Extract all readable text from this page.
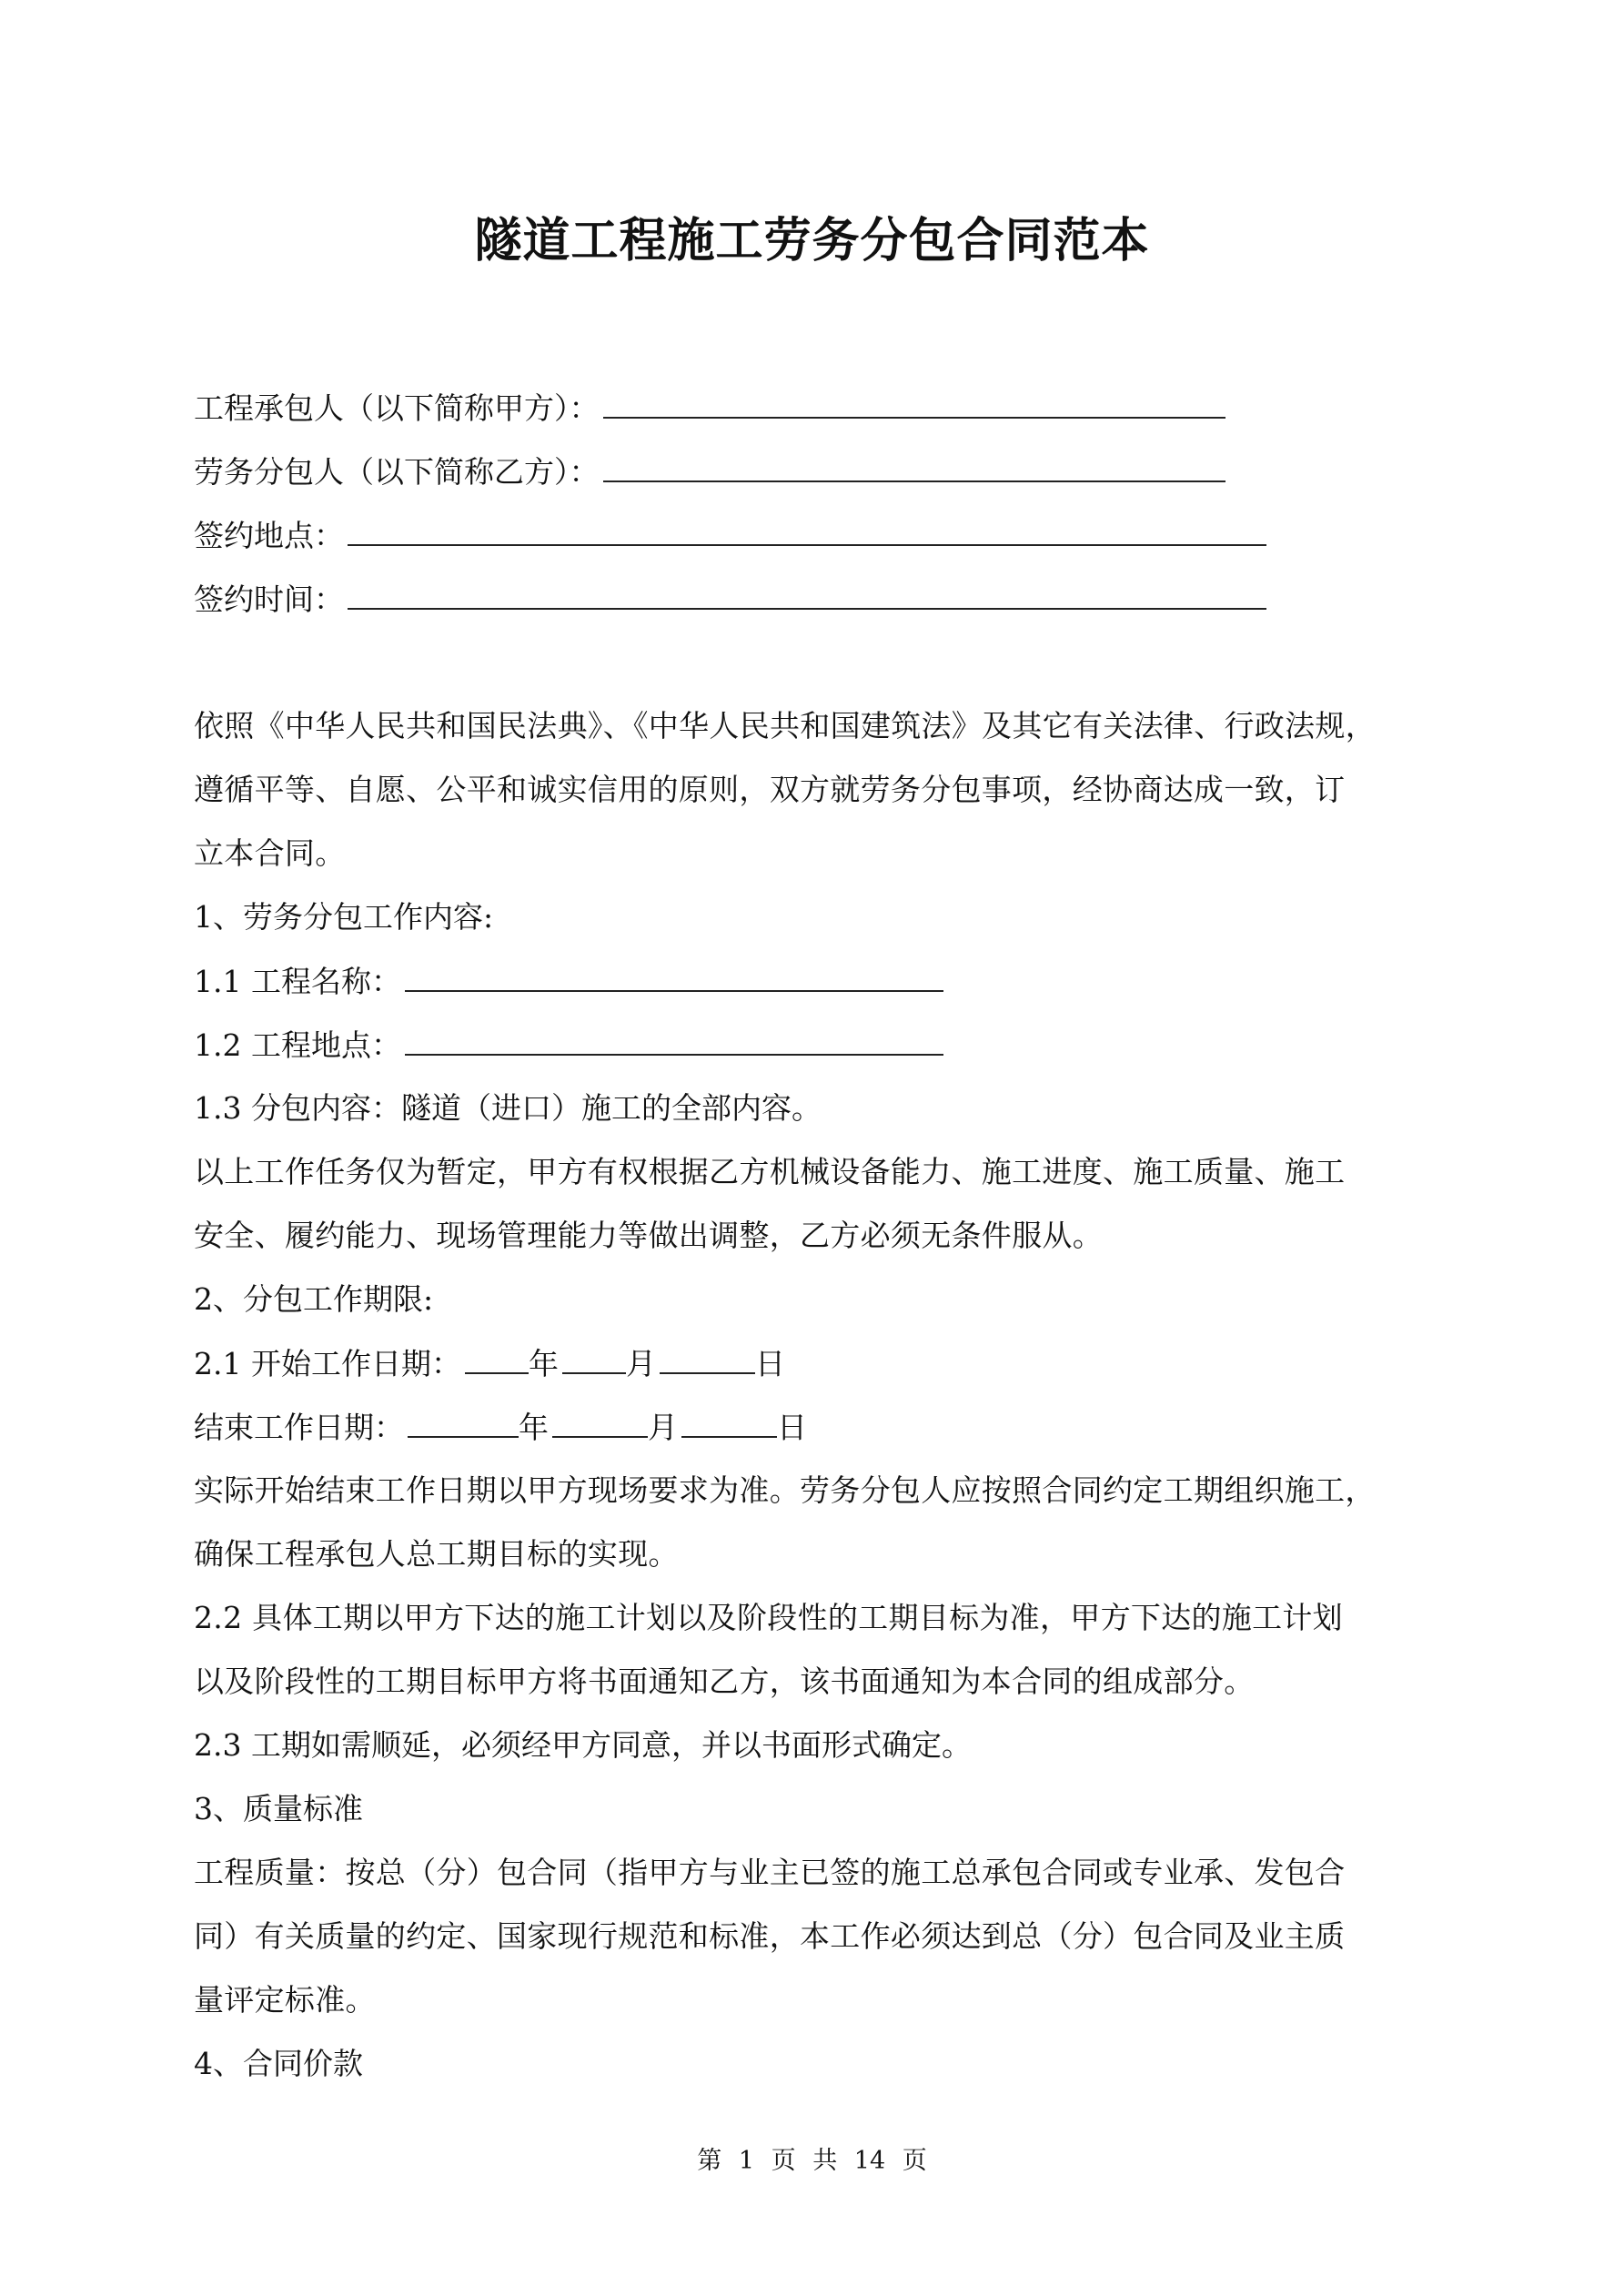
隧道工程施工劳务分包合同范本
工程承包人（以下简称甲方）：
劳务分包人（以下简称乙方）：
签约地点：
签约时间：
依照《中华人民共和国民法典》、《中华人民共和国建筑法》及其它有关法律、行政法规，
遵循平等、自愿、公平和诚实信用的原则，双方就劳务分包事项，经协商达成一致，订
立本合同。
1、劳务分包工作内容:
1.1 工程名称：
1.2 工程地点：
1.3 分包内容：隧道（进口）施工的全部内容。
以上工作任务仅为暂定，甲方有权根据乙方机械设备能力、施工进度、施工质量、施工
安全、履约能力、现场管理能力等做出调整，乙方必须无条件服从。
2、分包工作期限:
2.1 开始工作日期： 年 月	日
结束工作日期：	年	月	日
实际开始结束工作日期以甲方现场要求为准。劳务分包人应按照合同约定工期组织施工，
确保工程承包人总工期目标的实现。
2.2 具体工期以甲方下达的施工计划以及阶段性的工期目标为准，甲方下达的施工计划
以及阶段性的工期目标甲方将书面通知乙方，该书面通知为本合同的组成部分。
2.3 工期如需顺延，必须经甲方同意，并以书面形式确定。
3、质量标准
工程质量：按总（分）包合同（指甲方与业主已签的施工总承包合同或专业承、发包合
同）有关质量的约定、国家现行规范和标准，本工作必须达到总（分）包合同及业主质
量评定标准。
4、合同价款
第 1 页 共 14 页
